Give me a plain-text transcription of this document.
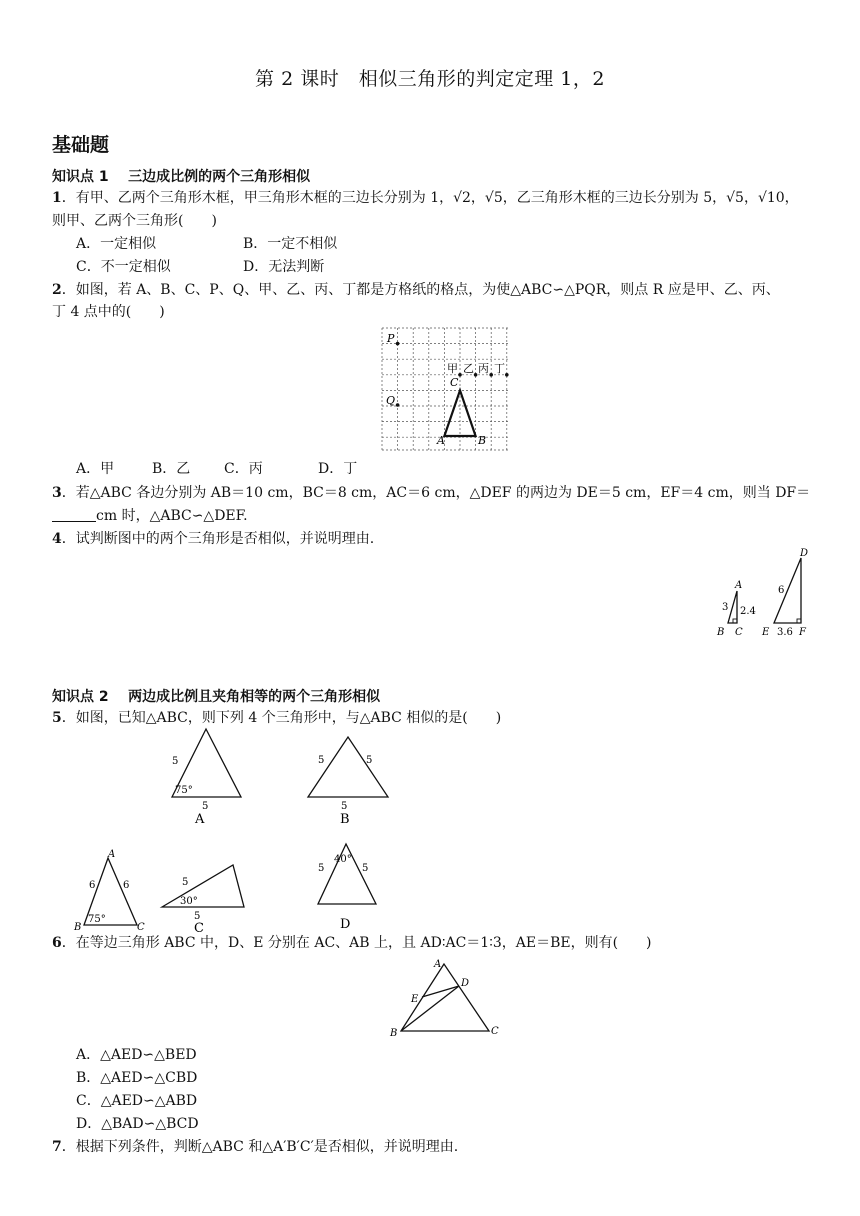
第 2 课时　相似三角形的判定定理 1，2
基础题
知识点 1 三边成比例的两个三角形相似
1．有甲、乙两个三角形木框，甲三角形木框的三边长分别为 1，√2，√5，乙三角形木框的三边长分别为 5，√5，√10，
则甲、乙两个三角形(　　)
A．一定相似	B．一定不相似
C．不一定相似	D．无法判断
2．如图，若 A、B、C、P、Q、甲、乙、丙、丁都是方格纸的格点，为使△ABC∽△PQR，则点 R 应是甲、乙、丙、
丁 4 点中的(　　)
P
Q
C
A	B
甲 乙 丙 丁
A．甲	B．乙 C．丙	D．丁
3．若△ABC 各边分别为 AB＝10 cm，BC＝8 cm，AC＝6 cm，△DEF 的两边为 DE＝5 cm，EF＝4 cm，则当 DF＝
cm 时，△ABC∽△DEF.
4．试判断图中的两个三角形是否相似，并说明理由.
A
B C
3 2.4
D
E	F
6
3.6
知识点 2 两边成比例且夹角相等的两个三角形相似
5．如图，已知△ABC，则下列 4 个三角形中，与△ABC 相似的是(　　)
5
5
75°
A
5	5
5
B
A
B	C
6	6
75°
5
5
30°
C
5	5
40°
D
6．在等边三角形 ABC 中，D、E 分别在 AC、AB 上，且 AD∶AC＝1∶3，AE＝BE，则有(　　)
A
B	C
D
E
A．△AED∽△BED
B．△AED∽△CBD
C．△AED∽△ABD
D．△BAD∽△BCD
7．根据下列条件，判断△ABC 和△A′B′C′是否相似，并说明理由.
